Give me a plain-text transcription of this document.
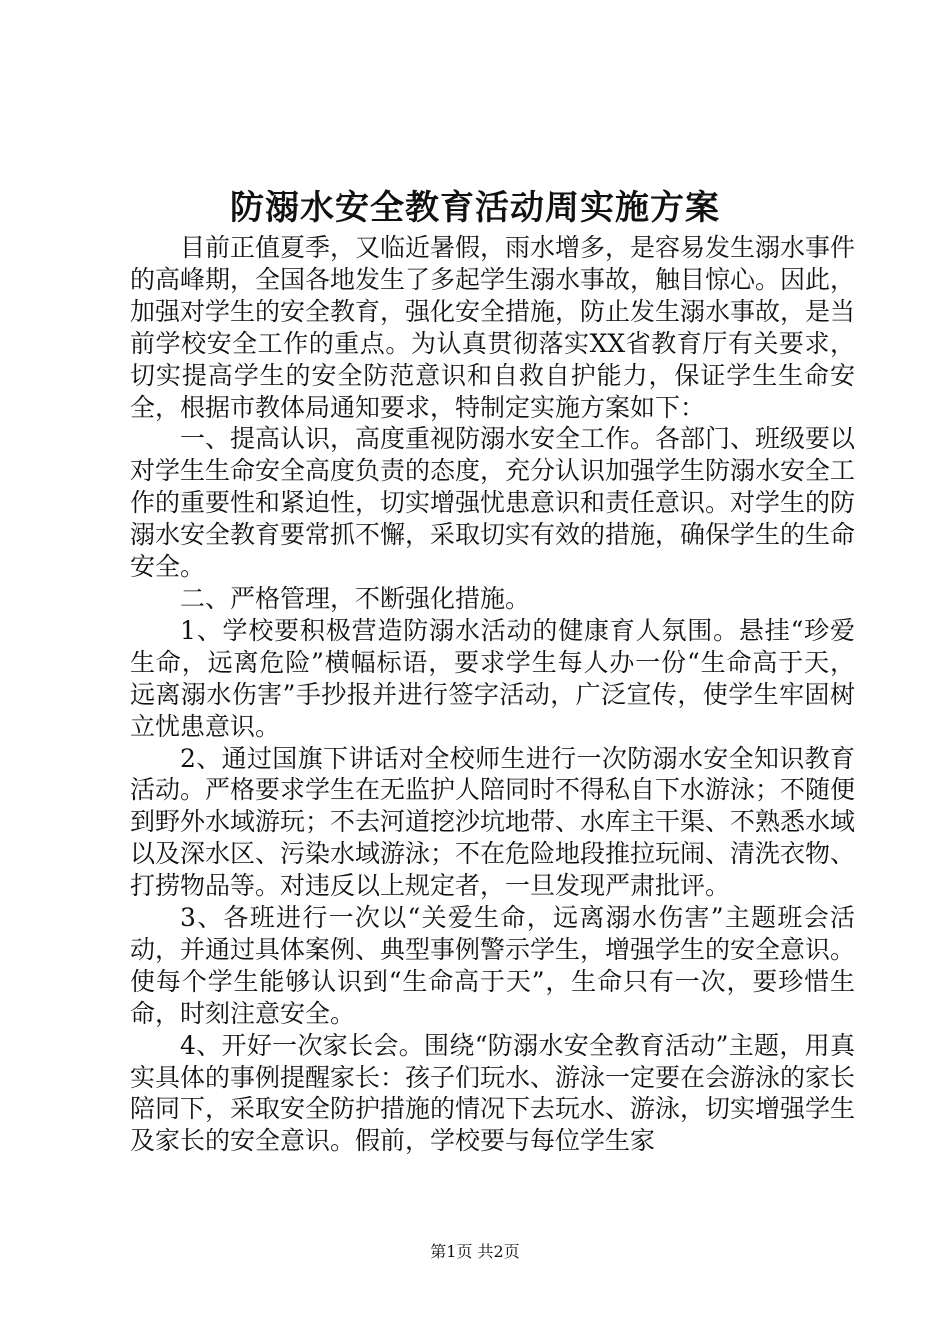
防溺水安全教育活动周实施方案

目前正值夏季，又临近暑假，雨水增多，是容易发生溺水事件的高峰期，全国各地发生了多起学生溺水事故，触目惊心。因此，加强对学生的安全教育，强化安全措施，防止发生溺水事故，是当前学校安全工作的重点。为认真贯彻落实XX省教育厅有关要求，切实提高学生的安全防范意识和自救自护能力，保证学生生命安全，根据市教体局通知要求，特制定实施方案如下：

一、提高认识，高度重视防溺水安全工作。各部门、班级要以对学生生命安全高度负责的态度，充分认识加强学生防溺水安全工作的重要性和紧迫性，切实增强忧患意识和责任意识。对学生的防溺水安全教育要常抓不懈，采取切实有效的措施，确保学生的生命安全。

二、严格管理，不断强化措施。

1、学校要积极营造防溺水活动的健康育人氛围。悬挂“珍爱生命，远离危险”横幅标语，要求学生每人办一份“生命高于天，远离溺水伤害”手抄报并进行签字活动，广泛宣传，使学生牢固树立忧患意识。

2、通过国旗下讲话对全校师生进行一次防溺水安全知识教育活动。严格要求学生在无监护人陪同时不得私自下水游泳；不随便到野外水域游玩；不去河道挖沙坑地带、水库主干渠、不熟悉水域以及深水区、污染水域游泳；不在危险地段推拉玩闹、清洗衣物、打捞物品等。对违反以上规定者，一旦发现严肃批评。

3、各班进行一次以“关爱生命，远离溺水伤害”主题班会活动，并通过具体案例、典型事例警示学生，增强学生的安全意识。使每个学生能够认识到“生命高于天”，生命只有一次，要珍惜生命，时刻注意安全。

4、开好一次家长会。围绕“防溺水安全教育活动”主题，用真实具体的事例提醒家长：孩子们玩水、游泳一定要在会游泳的家长陪同下，采取安全防护措施的情况下去玩水、游泳，切实增强学生及家长的安全意识。假前，学校要与每位学生家

第1页 共2页
